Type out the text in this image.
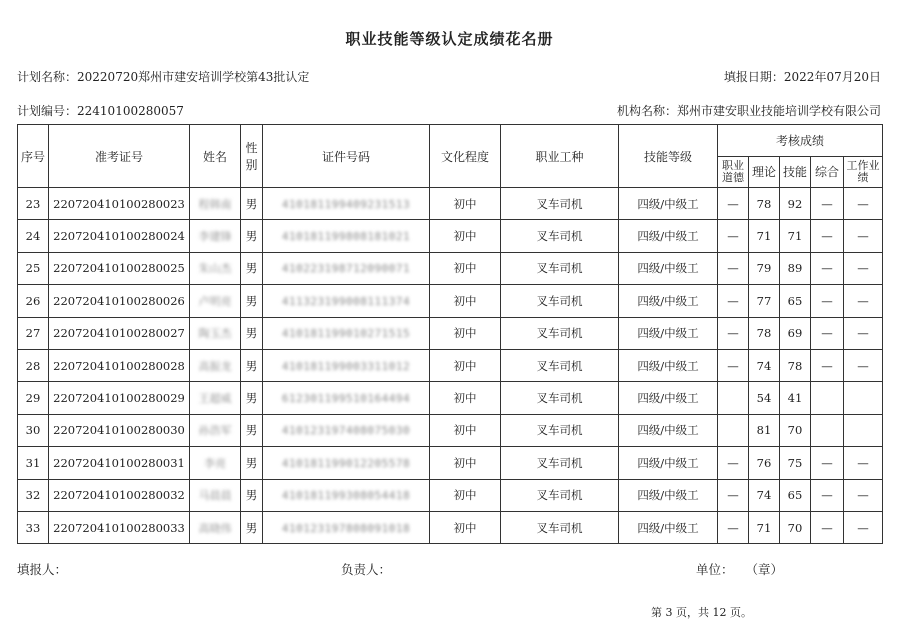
职业技能等级认定成绩花名册
计划名称：20220720郑州市建安培训学校第43批认定	填报日期：2022年07月20日
计划编号：22410100280057	机构名称：郑州市建安职业技能培训学校有限公司
序号	准考证号	姓名	性别	证件号码	文化程度	职业工种	技能等级	考核成绩				
								职业道德	理论	技能	综合	工作业绩
23	220720410100280023	程韩南	男	410181199409231513	初中	叉车司机	四级/中级工	—	78	92	—	—
24	220720410100280024	李建锋	男	410181199808181021	初中	叉车司机	四级/中级工	—	71	71	—	—
25	220720410100280025	朱山杰	男	410223198712090071	初中	叉车司机	四级/中级工	—	79	89	—	—
26	220720410100280026	卢明亮	男	411323199008111374	初中	叉车司机	四级/中级工	—	77	65	—	—
27	220720410100280027	陶玉杰	男	410181199010271515	初中	叉车司机	四级/中级工	—	78	69	—	—
28	220720410100280028	高振龙	男	410181199003311012	初中	叉车司机	四级/中级工	—	74	78	—	—
29	220720410100280029	王超威	男	612301199510164494	初中	叉车司机	四级/中级工		54	41		
30	220720410100280030	孙浩军	男	410123197408075030	初中	叉车司机	四级/中级工		81	70		
31	220720410100280031	李亮	男	410181199012205578	初中	叉车司机	四级/中级工	—	76	75	—	—
32	220720410100280032	马晨晨	男	410181199308054418	初中	叉车司机	四级/中级工	—	74	65	—	—
33	220720410100280033	高晓伟	男	410123197808091018	初中	叉车司机	四级/中级工	—	71	70	—	—
填报人：	负责人：	单位： （章）
第 3 页，共 12 页。
